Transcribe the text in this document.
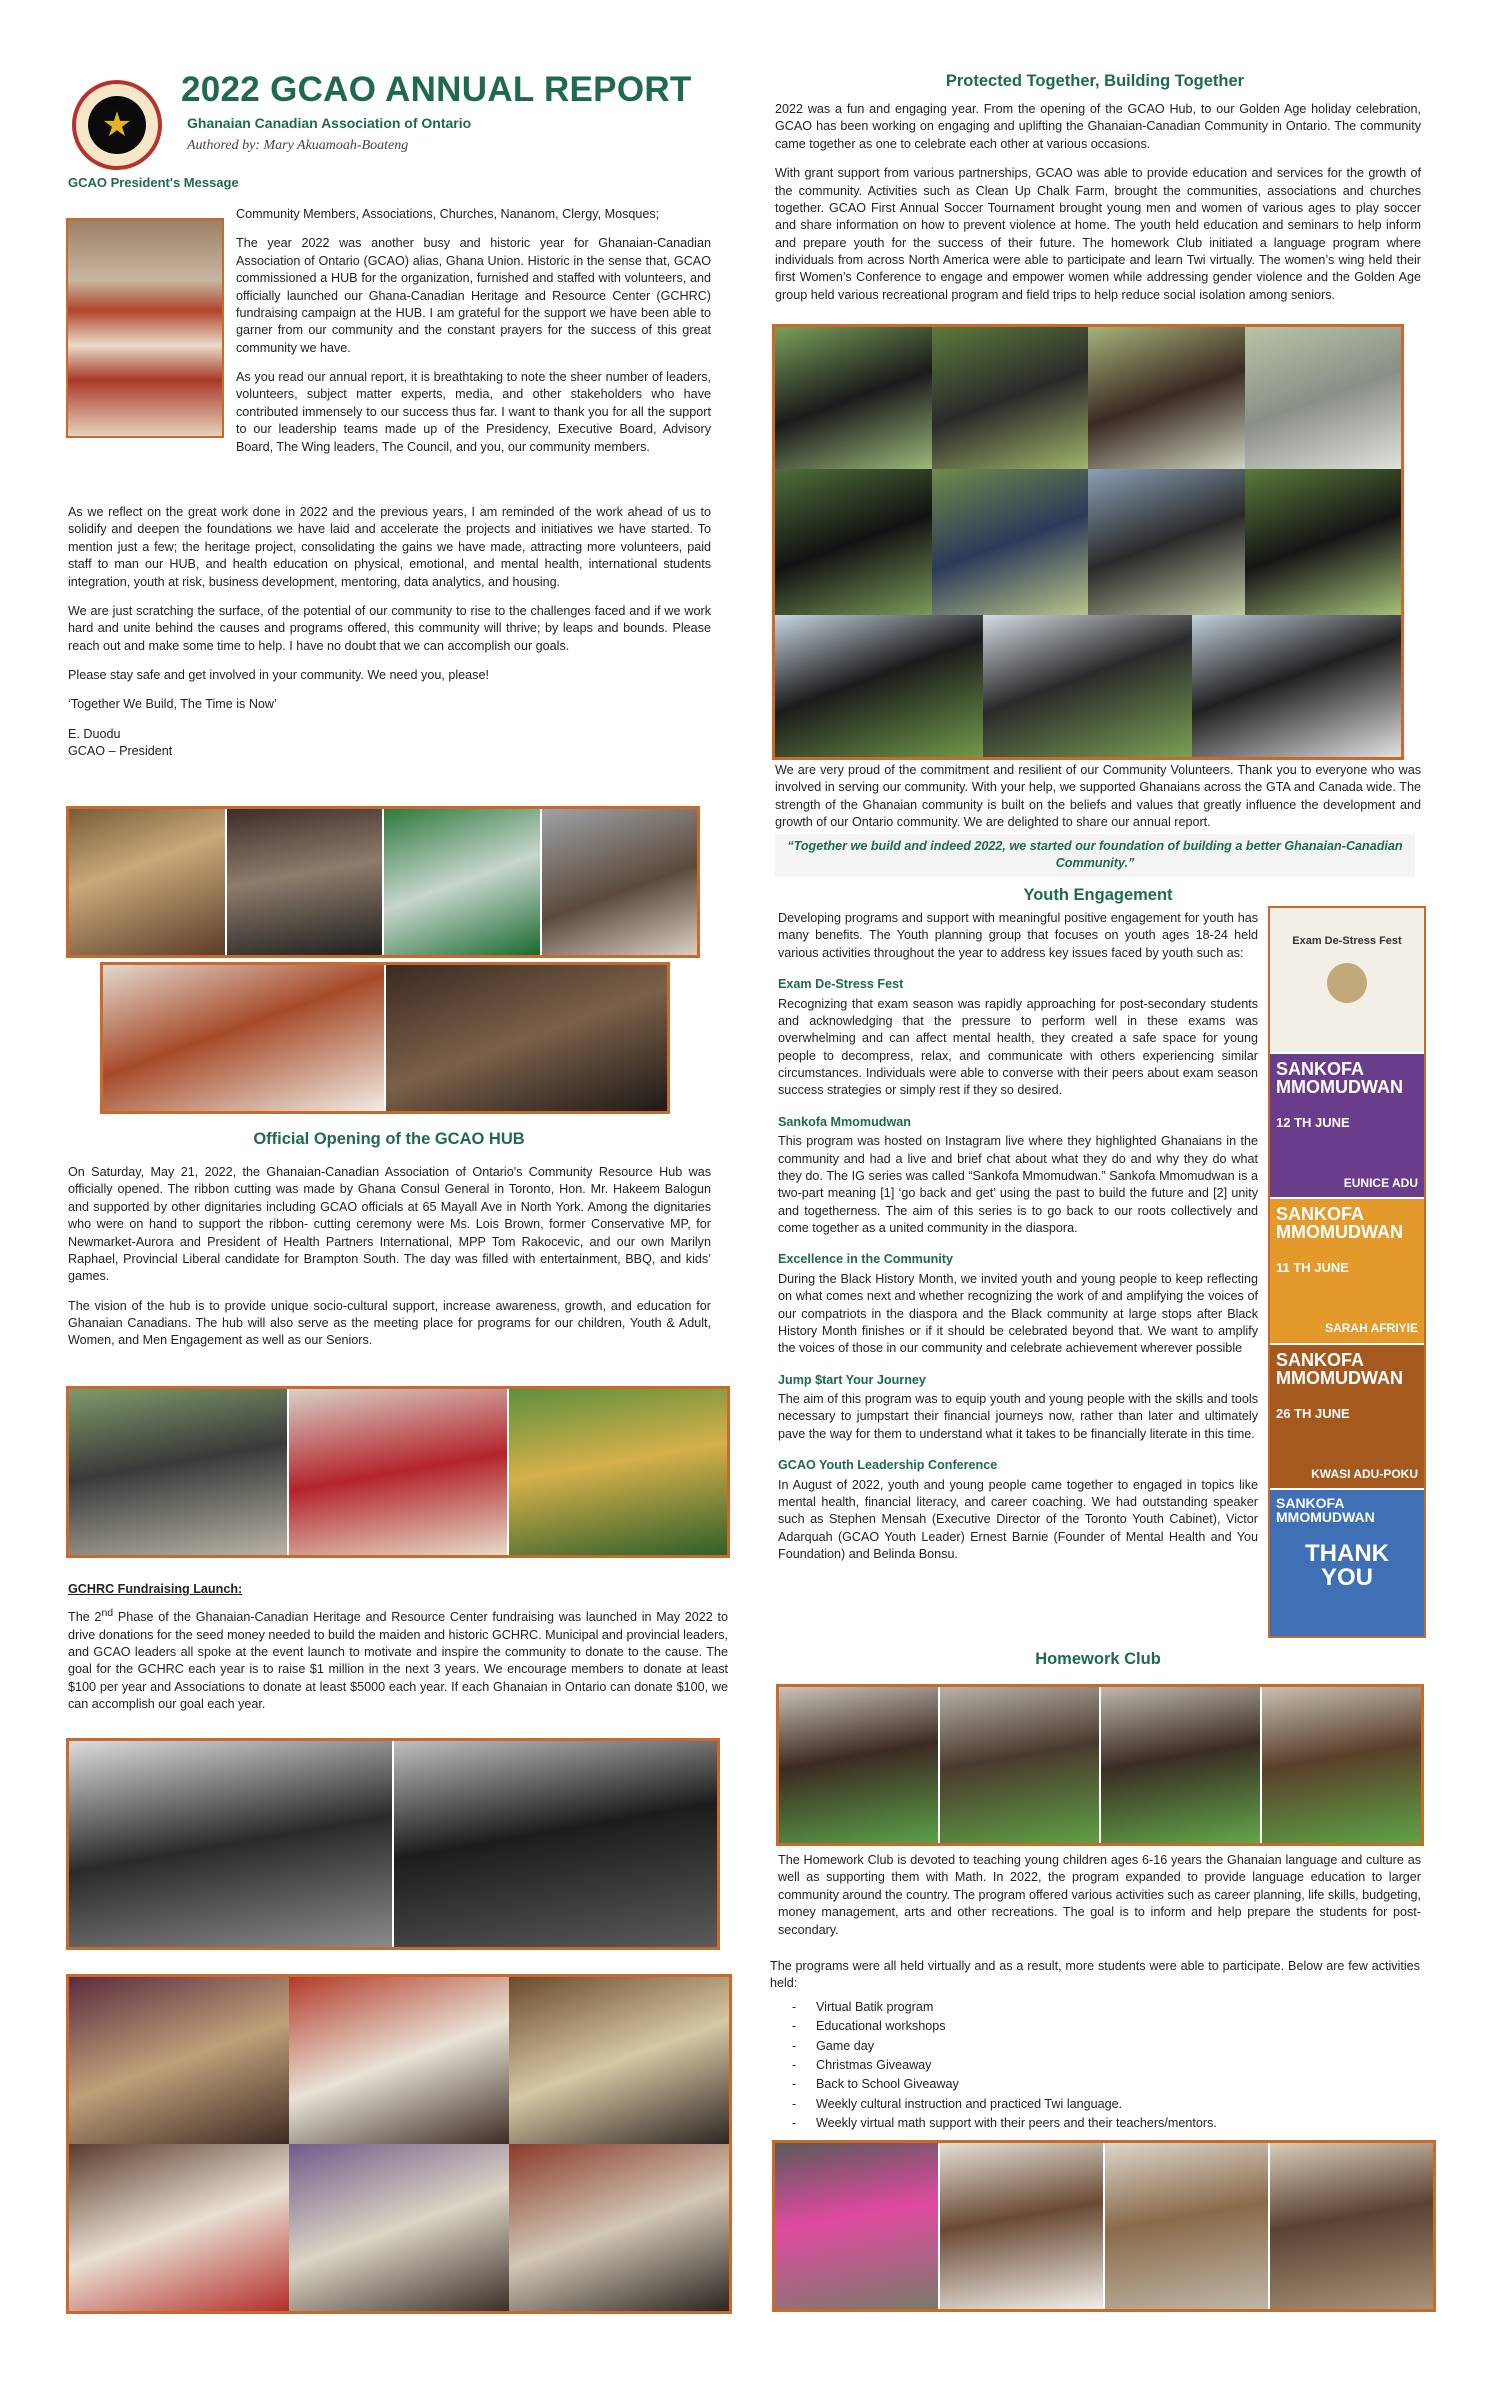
★
2022 GCAO ANNUAL REPORT
Ghanaian Canadian Association of Ontario
Authored by: Mary Akuamoah-Boateng
GCAO President's Message

Community Members, Associations, Churches, Nananom, Clergy, Mosques;

The year 2022 was another busy and historic year for Ghanaian-Canadian Association of Ontario (GCAO) alias, Ghana Union. Historic in the sense that, GCAO commissioned a HUB for the organization, furnished and staffed with volunteers, and officially launched our Ghana-Canadian Heritage and Resource Center (GCHRC) fundraising campaign at the HUB. I am grateful for the support we have been able to garner from our community and the constant prayers for the success of this great community we have.

As you read our annual report, it is breathtaking to note the sheer number of leaders, volunteers, subject matter experts, media, and other stakeholders who have contributed immensely to our success thus far. I want to thank you for all the support to our leadership teams made up of the Presidency, Executive Board, Advisory Board, The Wing leaders, The Council, and you, our community members.

As we reflect on the great work done in 2022 and the previous years, I am reminded of the work ahead of us to solidify and deepen the foundations we have laid and accelerate the projects and initiatives we have started. To mention just a few; the heritage project, consolidating the gains we have made, attracting more volunteers, paid staff to man our HUB, and health education on physical, emotional, and mental health, international students integration, youth at risk, business development, mentoring, data analytics, and housing.

We are just scratching the surface, of the potential of our community to rise to the challenges faced and if we work hard and unite behind the causes and programs offered, this community will thrive; by leaps and bounds. Please reach out and make some time to help. I have no doubt that we can accomplish our goals.

Please stay safe and get involved in your community. We need you, please!

‘Together We Build, The Time is Now’

E. Duodu
GCAO – President
Official Opening of the GCAO HUB

On Saturday, May 21, 2022, the Ghanaian-Canadian Association of Ontario's Community Resource Hub was officially opened. The ribbon cutting was made by Ghana Consul General in Toronto, Hon. Mr. Hakeem Balogun and supported by other dignitaries including GCAO officials at 65 Mayall Ave in North York. Among the dignitaries who were on hand to support the ribbon- cutting ceremony were Ms. Lois Brown, former Conservative MP, for Newmarket-Aurora and President of Health Partners International, MPP Tom Rakocevic, and our own Marilyn Raphael, Provincial Liberal candidate for Brampton South. The day was filled with entertainment, BBQ, and kids’ games.

The vision of the hub is to provide unique socio-cultural support, increase awareness, growth, and education for Ghanaian Canadians. The hub will also serve as the meeting place for programs for our children, Youth & Adult, Women, and Men Engagement as well as our Seniors.

GCHRC Fundraising Launch:

The 2nd Phase of the Ghanaian-Canadian Heritage and Resource Center fundraising was launched in May 2022 to drive donations for the seed money needed to build the maiden and historic GCHRC. Municipal and provincial leaders, and GCAO leaders all spoke at the event launch to motivate and inspire the community to donate to the cause. The goal for the GCHRC each year is to raise $1 million in the next 3 years. We encourage members to donate at least $100 per year and Associations to donate at least $5000 each year. If each Ghanaian in Ontario can donate $100, we can accomplish our goal each year.

Protected Together, Building Together

2022 was a fun and engaging year. From the opening of the GCAO Hub, to our Golden Age holiday celebration, GCAO has been working on engaging and uplifting the Ghanaian-Canadian Community in Ontario. The community came together as one to celebrate each other at various occasions.

With grant support from various partnerships, GCAO was able to provide education and services for the growth of the community. Activities such as Clean Up Chalk Farm, brought the communities, associations and churches together. GCAO First Annual Soccer Tournament brought young men and women of various ages to play soccer and share information on how to prevent violence at home. The youth held education and seminars to help inform and prepare youth for the success of their future. The homework Club initiated a language program where individuals from across North America were able to participate and learn Twi virtually. The women’s wing held their first Women’s Conference to engage and empower women while addressing gender violence and the Golden Age group held various recreational program and field trips to help reduce social isolation among seniors.

We are very proud of the commitment and resilient of our Community Volunteers. Thank you to everyone who was involved in serving our community. With your help, we supported Ghanaians across the GTA and Canada wide. The strength of the Ghanaian community is built on the beliefs and values that greatly influence the development and growth of our Ontario community. We are delighted to share our annual report.

“Together we build and indeed 2022, we started our foundation of building a better Ghanaian-Canadian Community.”
Youth Engagement

Developing programs and support with meaningful positive engagement for youth has many benefits. The Youth planning group that focuses on youth ages 18-24 held various activities throughout the year to address key issues faced by youth such as:

Exam De-Stress Fest

Recognizing that exam season was rapidly approaching for post-secondary students and acknowledging that the pressure to perform well in these exams was overwhelming and can affect mental health, they created a safe space for young people to decompress, relax, and communicate with others experiencing similar circumstances. Individuals were able to converse with their peers about exam season success strategies or simply rest if they so desired.

Sankofa Mmomudwan

This program was hosted on Instagram live where they highlighted Ghanaians in the community and had a live and brief chat about what they do and why they do what they do. The IG series was called “Sankofa Mmomudwan.” Sankofa Mmomudwan is a two-part meaning [1] ‘go back and get’ using the past to build the future and [2] unity and togetherness. The aim of this series is to go back to our roots collectively and come together as a united community in the diaspora.

Excellence in the Community

During the Black History Month, we invited youth and young people to keep reflecting on what comes next and whether recognizing the work of and amplifying the voices of our compatriots in the diaspora and the Black community at large stops after Black History Month finishes or if it should be celebrated beyond that. We want to amplify the voices of those in our community and celebrate achievement wherever possible

Jump $tart Your Journey

The aim of this program was to equip youth and young people with the skills and tools necessary to jumpstart their financial journeys now, rather than later and ultimately pave the way for them to understand what it takes to be financially literate in this time.

GCAO Youth Leadership Conference

In August of 2022, youth and young people came together to engaged in topics like mental health, financial literacy, and career coaching. We had outstanding speaker such as Stephen Mensah (Executive Director of the Toronto Youth Cabinet), Victor Adarquah (GCAO Youth Leader) Ernest Barnie (Founder of Mental Health and You Foundation) and Belinda Bonsu.

Exam De-Stress Fest
SANKOFA MMOMUDWAN
12 TH JUNE
EUNICE ADU
SANKOFA MMOMUDWAN
11 TH JUNE
SARAH AFRIYIE
SANKOFA MMOMUDWAN
26 TH JUNE
KWASI ADU-POKU
SANKOFA MMOMUDWAN
THANK YOU
Homework Club

The Homework Club is devoted to teaching young children ages 6-16 years the Ghanaian language and culture as well as supporting them with Math. In 2022, the program expanded to provide language education to larger community around the country. The program offered various activities such as career planning, life skills, budgeting, money management, arts and other recreations. The goal is to inform and help prepare the students for post-secondary.

The programs were all held virtually and as a result, more students were able to participate. Below are few activities held:

- Virtual Batik program
- Educational workshops
- Game day
- Christmas Giveaway
- Back to School Giveaway
- Weekly cultural instruction and practiced Twi language.
- Weekly virtual math support with their peers and their teachers/mentors.
